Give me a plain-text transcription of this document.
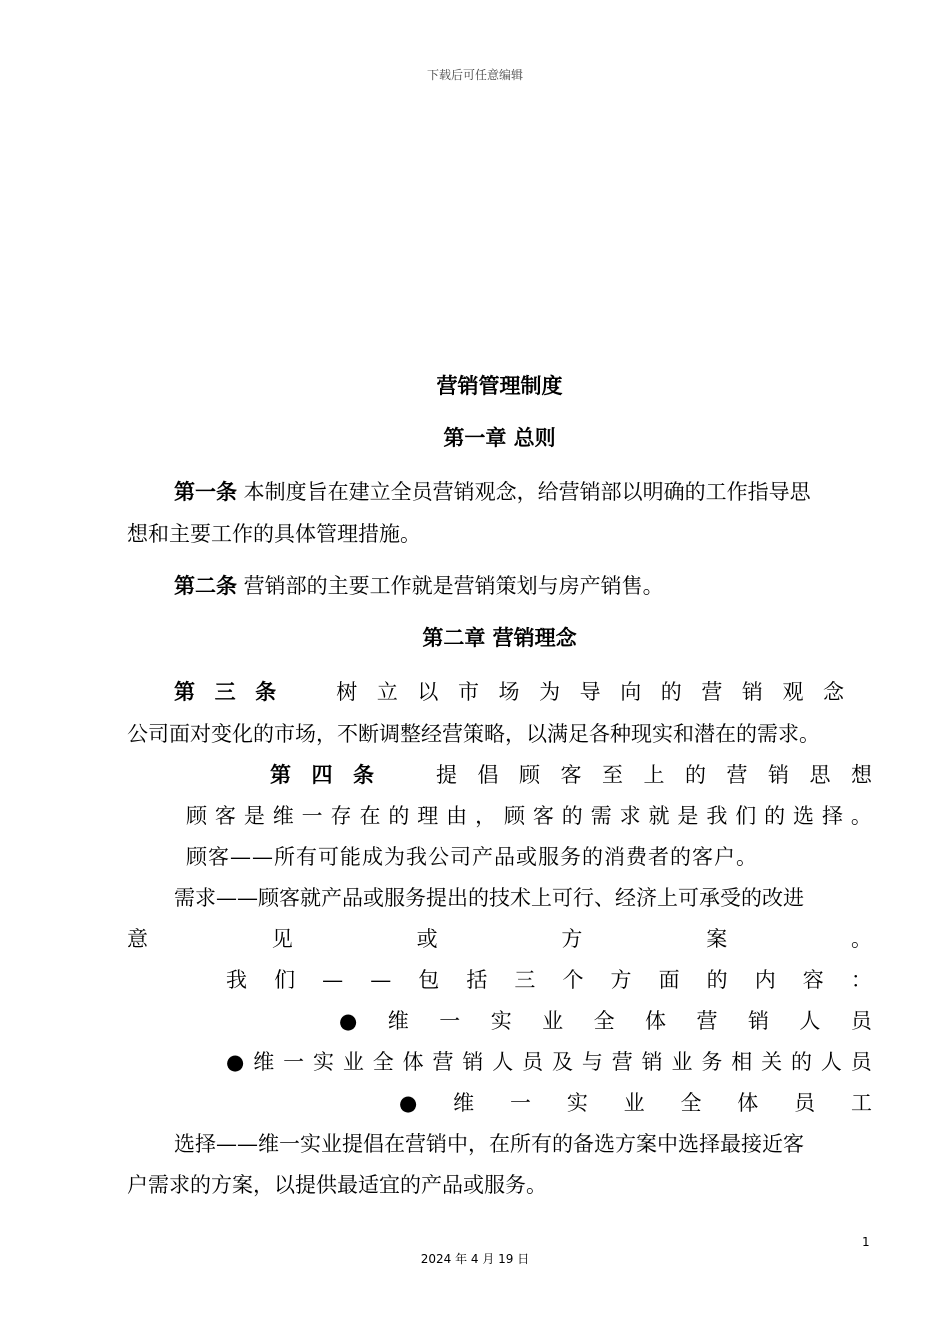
下载后可任意编辑
营销管理制度
第一章 总则
第一条 本制度旨在建立全员营销观念，给营销部以明确的工作指导思
想和主要工作的具体管理措施。
第二条 营销部的主要工作就是营销策划与房产销售。
第二章 营销理念
第 三 条
　	树 立 以 市 场 为 导 向 的 营 销 观 念
公司面对变化的市场，不断调整经营策略，以满足各种现实和潜在的需求。
第 四 条
　	提 倡 顾 客 至 上 的 营 销 思 想
顾 客 是 维 一 存 在 的 理 由 ， 顾 客 的 需 求 就 是 我 们 的 选 择 。
顾客——所有可能成为我公司产品或服务的消费者的客户。
需求——顾客就产品或服务提出的技术上可行、经济上可承受的改进
意	见	或	方	案	。
我 们 — — 包 括 三 个 方 面 的 内 容 ：
● 维 一 实 业 全 体 营 销 人 员
● 维 一 实 业 全 体 营 销 人 员 及 与 营 销 业 务 相 关 的 人 员
● 维 一 实 业 全 体 员 工
选择——维一实业提倡在营销中，在所有的备选方案中选择最接近客
户需求的方案，以提供最适宜的产品或服务。
1
2024 年 4 月 19 日
